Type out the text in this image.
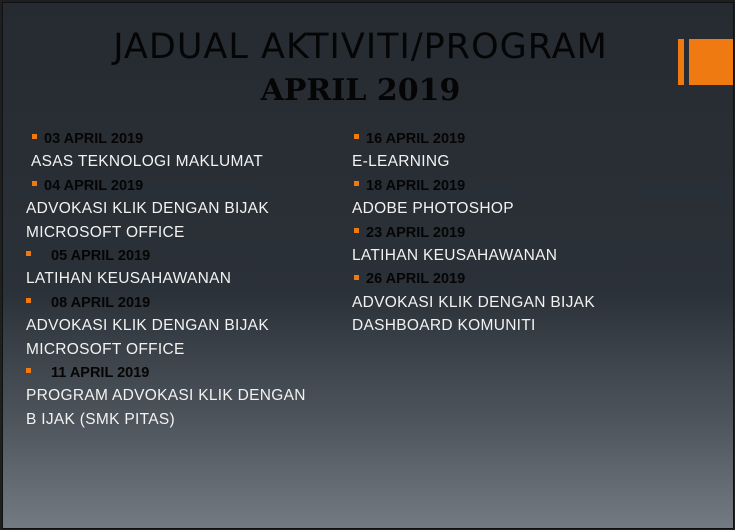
JADUAL AKTIVITI/PROGRAM
APRIL 2019
03 APRIL 2019
ASAS TEKNOLOGI MAKLUMAT
04 APRIL 2019
ADVOKASI KLIK DENGAN BIJAK
MICROSOFT OFFICE
05 APRIL 2019
LATIHAN KEUSAHAWANAN
08 APRIL 2019
ADVOKASI KLIK DENGAN BIJAK
MICROSOFT OFFICE
11 APRIL 2019
PROGRAM ADVOKASI KLIK DENGAN
B IJAK (SMK PITAS)
16 APRIL 2019
E-LEARNING
18 APRIL 2019
ADOBE PHOTOSHOP
23 APRIL 2019
LATIHAN KEUSAHAWANAN
26 APRIL 2019
ADVOKASI KLIK DENGAN BIJAK
DASHBOARD KOMUNITI
